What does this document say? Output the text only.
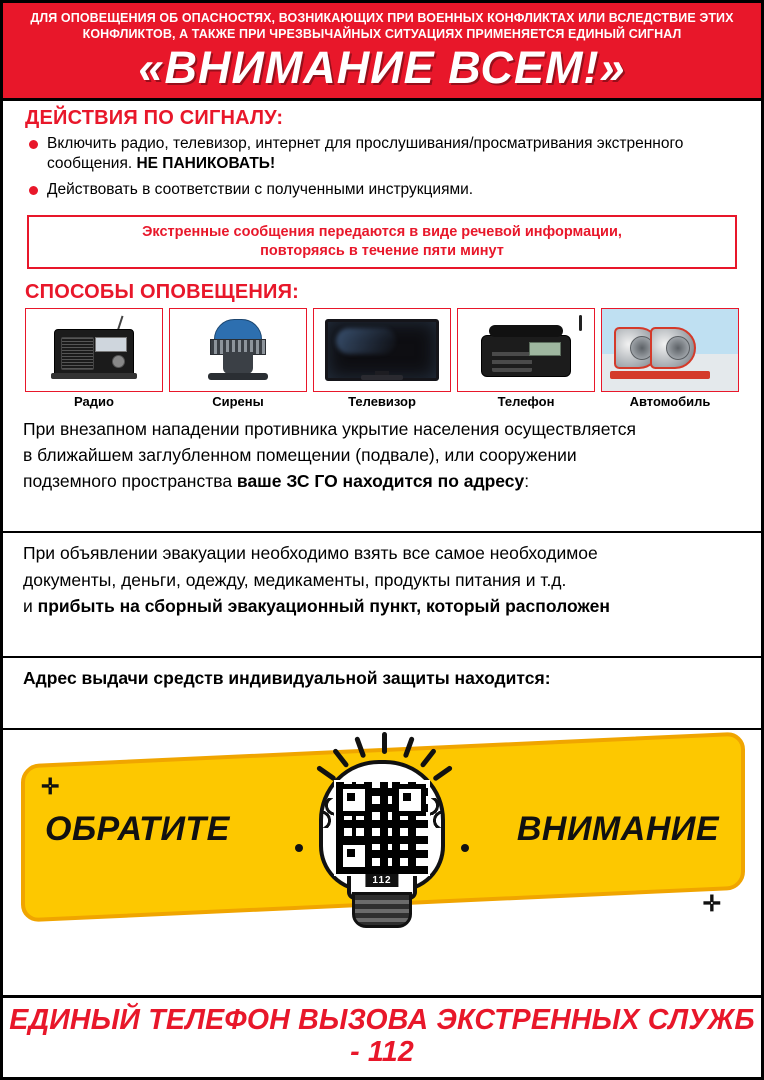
ДЛЯ ОПОВЕЩЕНИЯ ОБ ОПАСНОСТЯХ, ВОЗНИКАЮЩИХ ПРИ ВОЕННЫХ КОНФЛИКТАХ ИЛИ ВСЛЕДСТВИЕ ЭТИХ КОНФЛИКТОВ, А ТАКЖЕ ПРИ ЧРЕЗВЫЧАЙНЫХ СИТУАЦИЯХ ПРИМЕНЯЕТСЯ ЕДИНЫЙ СИГНАЛ
«ВНИМАНИЕ ВСЕМ!»
ДЕЙСТВИЯ ПО СИГНАЛУ:
Включить радио, телевизор, интернет для прослушивания/просматривания экстренного сообщения. НЕ ПАНИКОВАТЬ!
Действовать в соответствии с полученными инструкциями.
Экстренные сообщения передаются в виде речевой информации,
повторяясь в течение пяти минут
СПОСОБЫ ОПОВЕЩЕНИЯ:
Радио	Сирены	Телевизор	Телефон	Автомобиль
При внезапном нападении противника укрытие населения осуществляется
в ближайшем заглубленном помещении (подвале), или сооружении
подземного пространства ваше ЗС ГО находится по адресу:
При объявлении эвакуации необходимо взять все самое необходимое
документы, деньги, одежду, медикаменты, продукты питания и т.д.
и прибыть на сборный эвакуационный пункт, который расположен
Адрес выдачи средств индивидуальной защиты находится:
✛
✛
ОБРАТИТЕ	ВНИМАНИЕ
112
ЕДИНЫЙ ТЕЛЕФОН ВЫЗОВА ЭКСТРЕННЫХ СЛУЖБ - 112
